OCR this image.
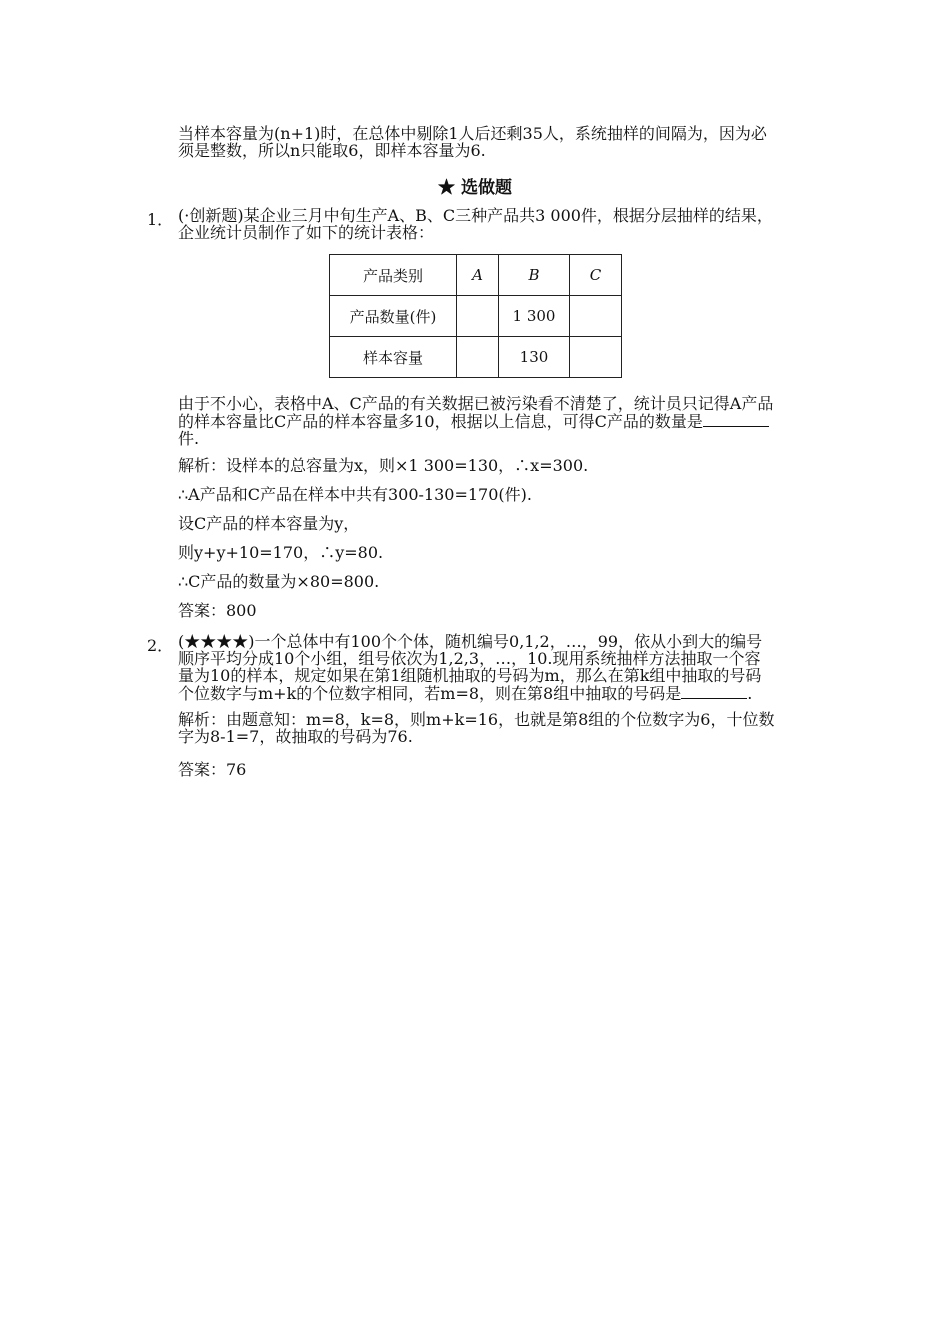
当样本容量为(n+1)时，在总体中剔除1人后还剩35人，系统抽样的间隔为，因为必
须是整数，所以n只能取6，即样本容量为6.
★ 选做题
1． (·创新题)某企业三月中旬生产A、B、C三种产品共3 000件，根据分层抽样的结果，
企业统计员制作了如下的统计表格：
产品类别	A	B	C
产品数量(件)		1 300	
样本容量		130	
由于不小心，表格中A、C产品的有关数据已被污染看不清楚了，统计员只记得A产品
的样本容量比C产品的样本容量多10，根据以上信息，可得C产品的数量是
件.
解析：设样本的总容量为x，则×1 300=130，∴x=300.
∴A产品和C产品在样本中共有300-130=170(件).
设C产品的样本容量为y，
则y+y+10=170，∴y=80.
∴C产品的数量为×80=800.
答案：800
2． (★★★★)一个总体中有100个个体，随机编号0,1,2，…，99，依从小到大的编号
顺序平均分成10个小组，组号依次为1,2,3，…，10.现用系统抽样方法抽取一个容
量为10的样本，规定如果在第1组随机抽取的号码为m，那么在第k组中抽取的号码
个位数字与m+k的个位数字相同，若m=8，则在第8组中抽取的号码是	.
解析：由题意知：m=8，k=8，则m+k=16，也就是第8组的个位数字为6，十位数
字为8-1=7，故抽取的号码为76.
答案：76
